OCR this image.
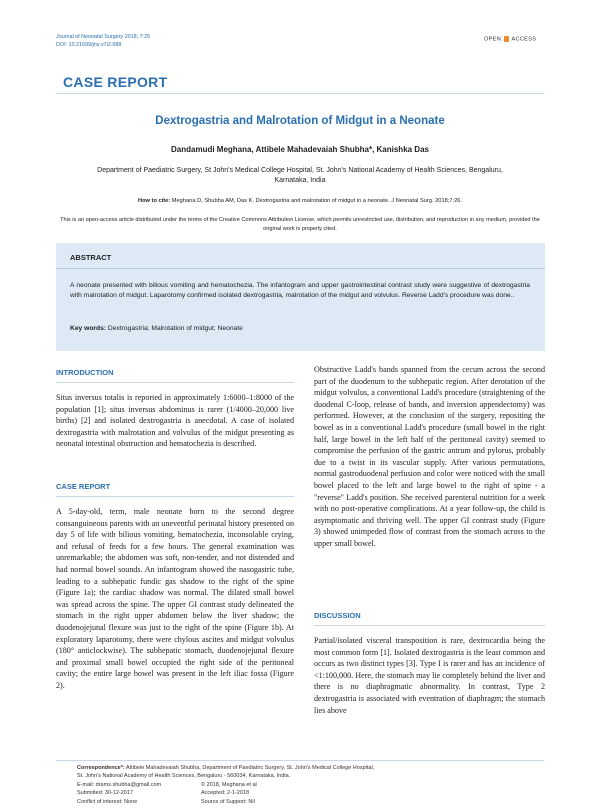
Journal of Neonatal Surgery 2018; 7:26
DOI: 10.21699/jns.v7i2.688
OPEN ACCESS
CASE REPORT
Dextrogastria and Malrotation of Midgut in a Neonate
Dandamudi Meghana, Attibele Mahadevaiah Shubha*, Kanishka Das
Department of Paediatric Surgery, St John's Medical College Hospital, St. John's National Academy of Health Sciences, Bengaluru, Karnataka, India
How to cite: Meghana D, Shubha AM, Das K. Dextrogastria and malrotation of midgut in a neonate. J Neonatal Surg. 2018;7:26.
This is an open-access article distributed under the terms of the Creative Commons Attribution License, which permits unrestricted use, distribution, and reproduction in any medium, provided the original work is properly cited.
ABSTRACT
A neonate presented with bilious vomiting and hematochezia. The infantogram and upper gastrointestinal contrast study were suggestive of dextrogastria with malrotation of midgut. Laparotomy confirmed isolated dextrogastria, malrotation of the midgut and volvulus. Reverse Ladd's procedure was done..
Key words: Dextrogastria; Malrotation of midgut; Neonate
INTRODUCTION
Situs inversus totalis is reported in approximately 1:6000–1:8000 of the population [1]; situs inversus abdominus is rarer (1/4000–20,000 live births) [2] and isolated dextrogastria is anecdotal. A case of isolated dextrogastria with malrotation and volvulus of the midgut presenting as neonatal intestinal obstruction and hematochezia is described.
CASE REPORT
A 5-day-old, term, male neonate born to the second degree consanguineous parents with an uneventful perinatal history presented on day 5 of life with bilious vomiting, hematochezia, inconsolable crying, and refusal of feeds for a few hours. The general examination was unremarkable; the abdomen was soft, non-tender, and not distended and had normal bowel sounds. An infantogram showed the nasogastric tube, leading to a subhepatic fundic gas shadow to the right of the spine (Figure 1a); the cardiac shadow was normal. The dilated small bowel was spread across the spine. The upper GI contrast study delineated the stomach in the right upper abdomen below the liver shadow; the duodenojejunal flexure was just to the right of the spine (Figure 1b). At exploratory laparotomy, there were chylous ascites and midgut volvulus (180° anticlockwise). The subhepatic stomach, duodenojejunal flexure and proximal small bowel occupied the right side of the peritoneal cavity; the entire large bowel was present in the left iliac fossa (Figure 2).
Obstructive Ladd's bands spanned from the cecum across the second part of the duodenum to the subhepatic region. After derotation of the midgut volvulus, a conventional Ladd's procedure (straightening of the duodenal C-loop, release of bands, and inversion appendectomy) was performed. However, at the conclusion of the surgery, repositing the bowel as in a conventional Ladd's procedure (small bowel in the right half, large bowel in the left half of the peritoneal cavity) seemed to compromise the perfusion of the gastric antrum and pylorus, probably due to a twist in its vascular supply. After various permutations, normal gastroduodenal perfusion and color were noticed with the small bowel placed to the left and large bowel to the right of spine - a "reverse" Ladd's position. She received parenteral nutrition for a week with no post-operative complications. At a year follow-up, the child is asymptomatic and thriving well. The upper GI contrast study (Figure 3) showed unimpeded flow of contrast from the stomach across to the upper small bowel.
DISCUSSION
Partial/isolated visceral transposition is rare, dextrocardia being the most common form [1]. Isolated dextrogastria is the least common and occurs as two distinct types [3]. Type I is rarer and has an incidence of <1:100,000. Here, the stomach may lie completely behind the liver and there is no diaphragmatic abnormality. In contrast, Type 2 dextrogastria is associated with eventration of diaphragm; the stomach lies above
Correspondence*: Attibele Mahadevaiah Shubha, Department of Paediatric Surgery, St. John's Medical College Hospital,
St. John's National Academy of Health Sciences, Bengaluru - 560034, Karnataka, India.
E-mail: drams.shubha@gmail.com	© 2018, Meghana et al
Submitted: 30-12-2017	Accepted: 2-1-2018
Conflict of interest: None	Source of Support: Nil
